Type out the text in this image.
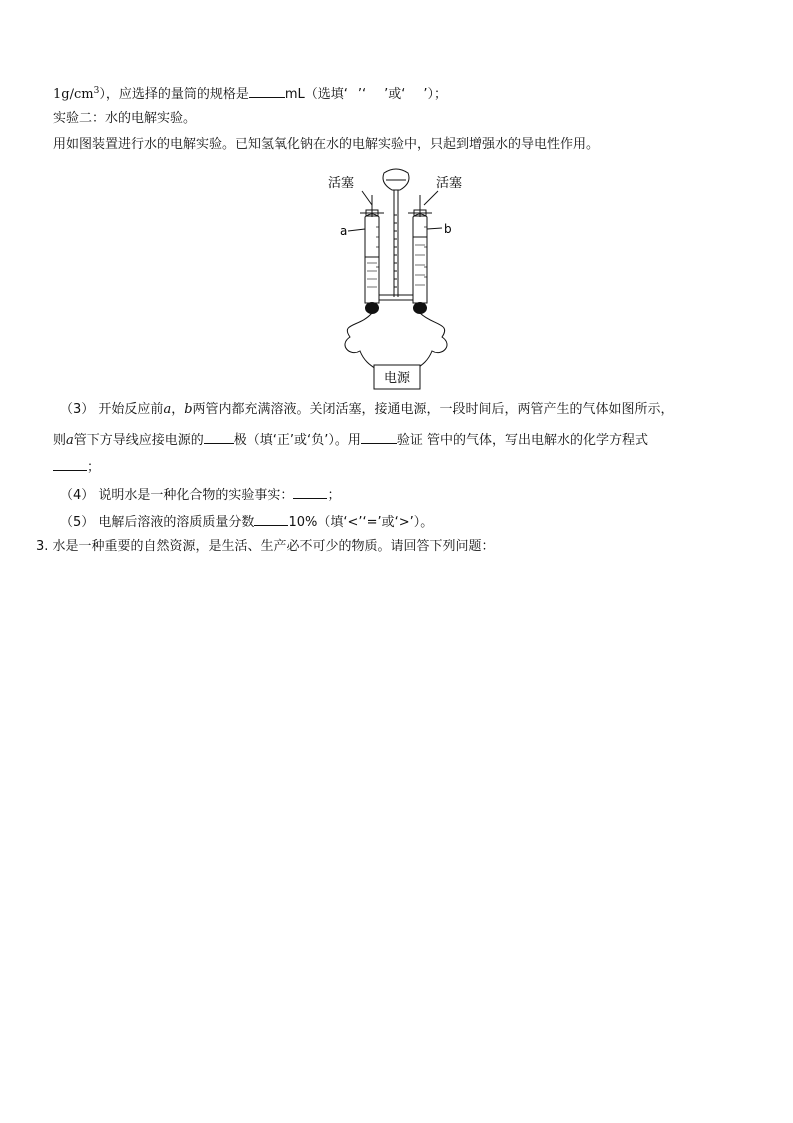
$1g/cm^3$），应选择的量筒的规格是	mL（选填‘ ’‘ ’或‘ ’）；
实验二：水的电解实验。
用如图装置进行水的电解实验。已知氢氧化钠在水的电解实验中，只起到增强水的导电性作用。
电源
活塞	活塞
a	b
（3） 开始反应前a，b两管内都充满溶液。关闭活塞，接通电源，一段时间后，两管产生的气体如图所示，
则a管下方导线应接电源的 极（填‘正’或‘负’）。用	验证 管中的气体，写出电解水的化学方程式
；
（4） 说明水是一种化合物的实验事实：	；
（5） 电解后溶液的溶质质量分数	10%（填‘<’‘=’或‘>’）。
3. 水是一种重要的自然资源，是生活、生产必不可少的物质。请回答下列问题：
